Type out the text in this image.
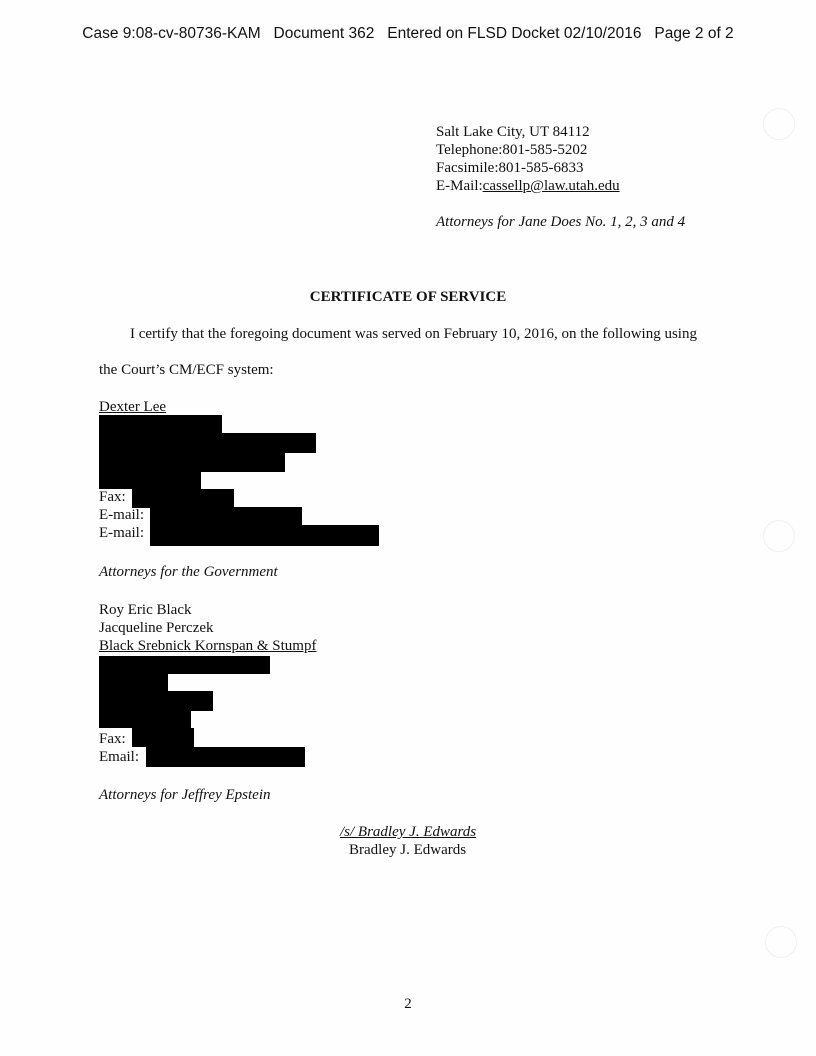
Case 9:08-cv-80736-KAM   Document 362   Entered on FLSD Docket 02/10/2016   Page 2 of 2
Salt Lake City, UT 84112
Telephone:801-585-5202
Facsimile:801-585-6833
E-Mail:cassellp@law.utah.edu
Attorneys for Jane Does No. 1, 2, 3 and 4
CERTIFICATE OF SERVICE
I certify that the foregoing document was served on February 10, 2016, on the following using
the Court’s CM/ECF system:
Dexter Lee
Fax:
E-mail:
E-mail:
Attorneys for the Government
Roy Eric Black
Jacqueline Perczek
Black Srebnick Kornspan & Stumpf
Fax:
Email:
Attorneys for Jeffrey Epstein
/s/ Bradley J. Edwards
Bradley J. Edwards
2
